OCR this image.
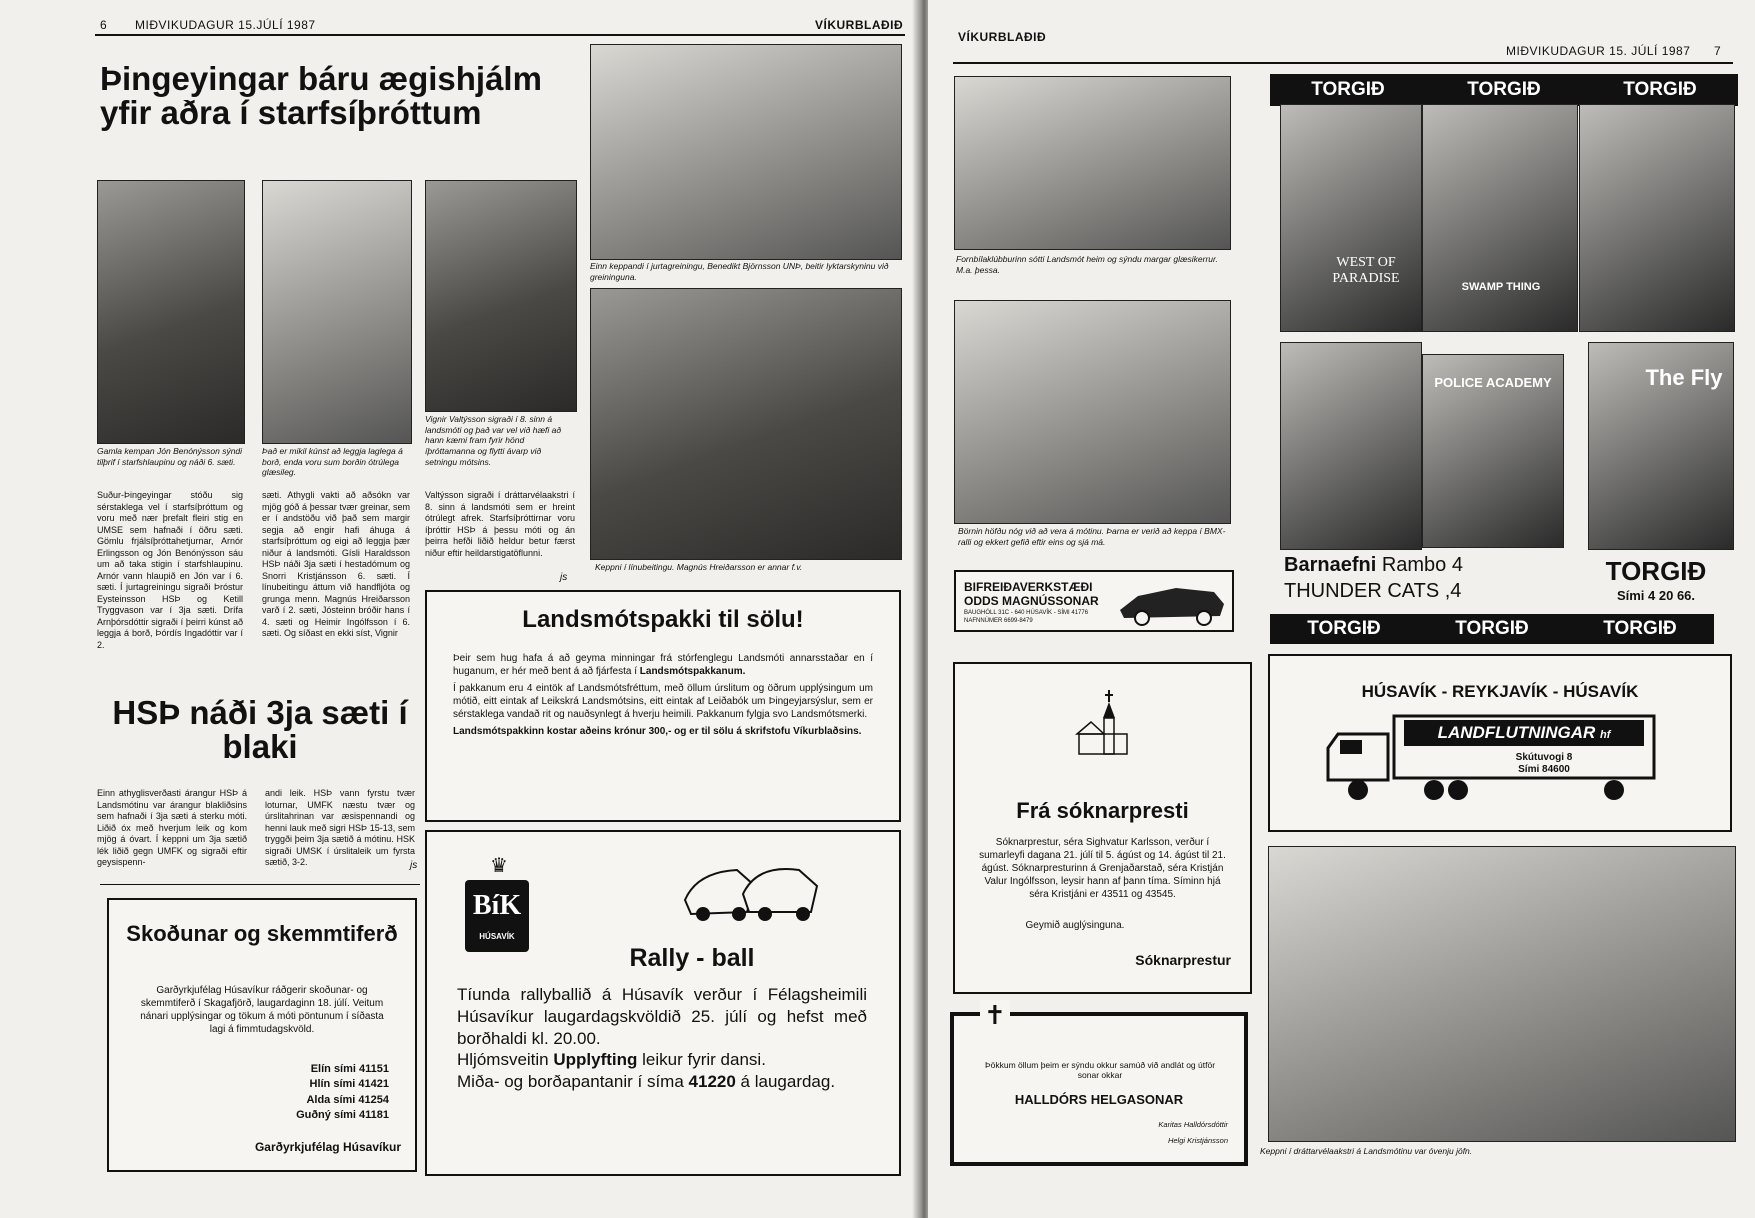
6 MIÐVIKUDAGUR 15.JÚLÍ 1987	VÍKURBLAÐIÐ
Þingeyingar báru ægishjálm yfir aðra í starfsíþróttum
Gamla kempan Jón Benónýsson sýndi tilþrif í starfshlaupinu og náði 6. sæti.
Það er mikil kúnst að leggja laglega á borð, enda voru sum borðin ótrúlega glæsileg.
Vignir Valtýsson sigraði í 8. sinn á landsmóti og það var vel við hæfi að hann kæmi fram fyrir hönd íþróttamanna og flytti ávarp við setningu mótsins.
Einn keppandi í jurtagreiningu, Benedikt Björnsson UNÞ, beitir lyktarskyninu við greininguna.
Keppni í línubeitingu. Magnús Hreiðarsson er annar f.v.
Suður-Þingeyingar stóðu sig sérstaklega vel í starfsíþróttum og voru með nær þrefalt fleiri stig en UMSE sem hafnaði í öðru sæti. Gömlu frjálsíþróttahetjurnar, Arnór Erlingsson og Jón Benónýsson sáu um að taka stigin í starfshlaupinu. Arnór vann hlaupið en Jón var í 6. sæti. Í jurtagreiningu sigraði Þróstur Eysteinsson HSÞ og Ketill Tryggvason var í 3ja sæti. Drífa Arnþórsdóttir sigraði í þeirri kúnst að leggja á borð, Þórdís Ingadóttir var í 2.
sæti. Athygli vakti að aðsókn var mjög góð á þessar tvær greinar, sem er í andstöðu við það sem margir segja að engir hafi áhuga á starfsíþróttum og eigi að leggja þær niður á landsmóti. Gísli Haraldsson HSÞ náði 3ja sæti í hestadómum og Snorri Kristjánsson 6. sæti. Í línubeitingu áttum við handfljóta og grunga menn. Magnús Hreiðarsson varð í 2. sæti, Jósteinn bróðir hans í 4. sæti og Heimir Ingólfsson í 6. sæti. Og síðast en ekki síst, Vignir
Valtýsson sigraði í dráttarvélaakstri í 8. sinn á landsmóti sem er hreint ótrúlegt afrek. Starfsíþróttirnar voru íþróttir HSÞ á þessu móti og án þeirra hefði liðið heldur betur færst niður eftir heildarstigatöflunni.
js
HSÞ náði 3ja sæti í blaki
Einn athyglisverðasti árangur HSÞ á Landsmótinu var árangur blakliðsins sem hafnaði í 3ja sæti á sterku móti. Liðið óx með hverjum leik og kom mjög á óvart. Í keppni um 3ja sætið lék liðið gegn UMFK og sigraði eftir geysispenn-
andi leik. HSÞ vann fyrstu tvær loturnar, UMFK næstu tvær og úrslitahrinan var æsispennandi og henni lauk með sigri HSÞ 15-13, sem tryggði þeim 3ja sætið á mótinu. HSK sigraði UMSK í úrslitaleik um fyrsta sætið, 3-2.	js
Landsmótspakki til sölu!
Þeir sem hug hafa á að geyma minningar frá stórfenglegu Landsmóti annarsstaðar en í huganum, er hér með bent á að fjárfesta í Landsmótspakkanum.
Í pakkanum eru 4 eintök af Landsmótsfréttum, með öllum úrslitum og öðrum upplýsingum um mótið, eitt eintak af Leikskrá Landsmótsins, eitt eintak af Leiðabók um Þingeyjarsýslur, sem er sérstaklega vandað rit og nauðsynlegt á hverju heimili. Pakkanum fylgja svo Landsmótsmerki.
Landsmótspakkinn kostar aðeins krónur 300,- og er til sölu á skrifstofu Víkurblaðsins.
Skoðunar og skemmtiferð
Garðyrkjufélag Húsavíkur ráðgerir skoðunar- og skemmtiferð í Skagafjörð, laugardaginn 18. júlí. Veitum nánari upplýsingar og tökum á móti pöntunum í síðasta lagi á fimmtudagskvöld.
Elín sími 41151
Hlín sími 41421
Alda sími 41254
Guðný sími 41181
Garðyrkjufélag Húsavíkur
♛
BíK
HÚSAVÍK
Rally - ball
Tíunda rallyballið á Húsavík verður í Félagsheimili Húsavíkur laugardagskvöldið 25. júlí og hefst með borðhaldi kl. 20.00.
Hljómsveitin Upplyfting leikur fyrir dansi.
Miða- og borðapantanir í síma 41220 á laugardag.
VÍKURBLAÐIÐ
MIÐVIKUDAGUR 15. JÚLÍ 1987 7
Fornbílaklúbburinn sótti Landsmót heim og sýndu margar glæsikerrur. M.a. þessa.
Börnin höfðu nóg við að vera á mótinu. Þarna er verið að keppa í BMX-ralli og ekkert gefið eftir eins og sjá má.
BIFREIÐAVERKSTÆÐI
ODDS MAGNÚSSONAR
BAUGHÓLL 31C - 640 HÚSAVÍK - SÍMI 41776
NAFNNÚMER 6699-8479
TORGIÐ	TORGIÐ	TORGIÐ
WEST OF PARADISE
SWAMP THING
POLICE ACADEMY	The Fly
Barnaefni Rambo 4
THUNDER CATS ,4
TORGIÐ
Sími 4 20 66.
TORGIÐ	TORGIÐ	TORGIÐ
HÚSAVÍK - REYKJAVÍK - HÚSAVÍK
LANDFLUTNINGAR hf
Skútuvogi 8
Sími 84600
Frá sóknarpresti
Sóknarprestur, séra Sighvatur Karlsson, verður í sumarleyfi dagana 21. júlí til 5. ágúst og 14. ágúst til 21. ágúst. Sóknarpresturinn á Grenjaðarstað, séra Kristján Valur Ingólfsson, leysir hann af þann tíma. Síminn hjá séra Kristjáni er 43511 og 43545.
Geymið auglýsinguna.
Sóknarprestur
✝
Þökkum öllum þeim er sýndu okkur samúð við andlát og útför sonar okkar
HALLDÓRS HELGASONAR
Karitas Halldórsdóttir
Helgi Kristjánsson
Keppni í dráttarvélaakstri á Landsmótinu var óvenju jöfn.
